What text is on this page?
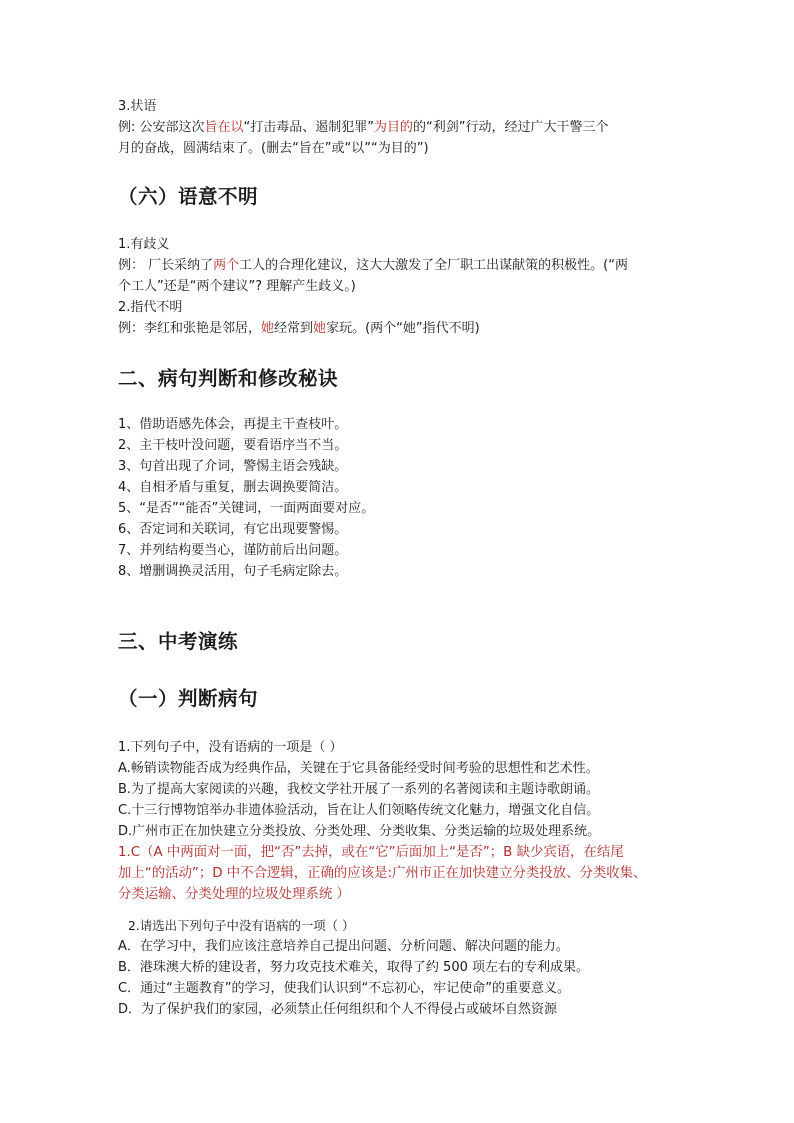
3.状语
例: 公安部这次旨在以“打击毒品、遏制犯罪”为目的的“利剑”行动，经过广大干警三个
月的奋战，圆满结束了。(删去“旨在”或“以”“为目的”)
（六）语意不明
1.有歧义
例： 厂长采纳了两个工人的合理化建议，这大大激发了全厂职工出谋献策的积极性。(“两
个工人”还是“两个建议”? 理解产生歧义。)
2.指代不明
例：李红和张艳是邻居，她经常到她家玩。(两个“她”指代不明)
二、病句判断和修改秘诀
1、借助语感先体会，再提主干查枝叶。
2、主干枝叶没问题，要看语序当不当。
3、句首出现了介词，警惕主语会残缺。
4、自相矛盾与重复，删去调换要简洁。
5、“是否”“能否”关键词，一面两面要对应。
6、否定词和关联词，有它出现要警惕。
7、并列结构要当心，谨防前后出问题。
8、增删调换灵活用，句子毛病定除去。
三、中考演练
（一）判断病句
1.下列句子中，没有语病的一项是（ ）
A.畅销读物能否成为经典作品，关键在于它具备能经受时间考验的思想性和艺术性。
B.为了提高大家阅读的兴趣，我校文学社开展了一系列的名著阅读和主题诗歌朗诵。
C.十三行博物馆举办非遗体验活动，旨在让人们领略传统文化魅力，增强文化自信。
D.广州市正在加快建立分类投放、分类处理、分类收集、分类运输的垃圾处理系统。
1.C（A 中两面对一面，把“否”去掉，或在“它”后面加上“是否”；B 缺少宾语，在结尾
加上“的活动”；D 中不合逻辑，正确的应该是:广州市正在加快建立分类投放、分类收集、
分类运输、分类处理的垃圾处理系统 ）
2.请选出下列句子中没有语病的一项（ ）
A．在学习中，我们应该注意培养自己提出问题、分析问题、解决问题的能力。
B．港珠澳大桥的建设者，努力攻克技术难关，取得了约 500 项左右的专利成果。
C．通过“主题教育”的学习，使我们认识到“不忘初心，牢记使命”的重要意义。
D．为了保护我们的家园，必须禁止任何组织和个人不得侵占或破坏自然资源
